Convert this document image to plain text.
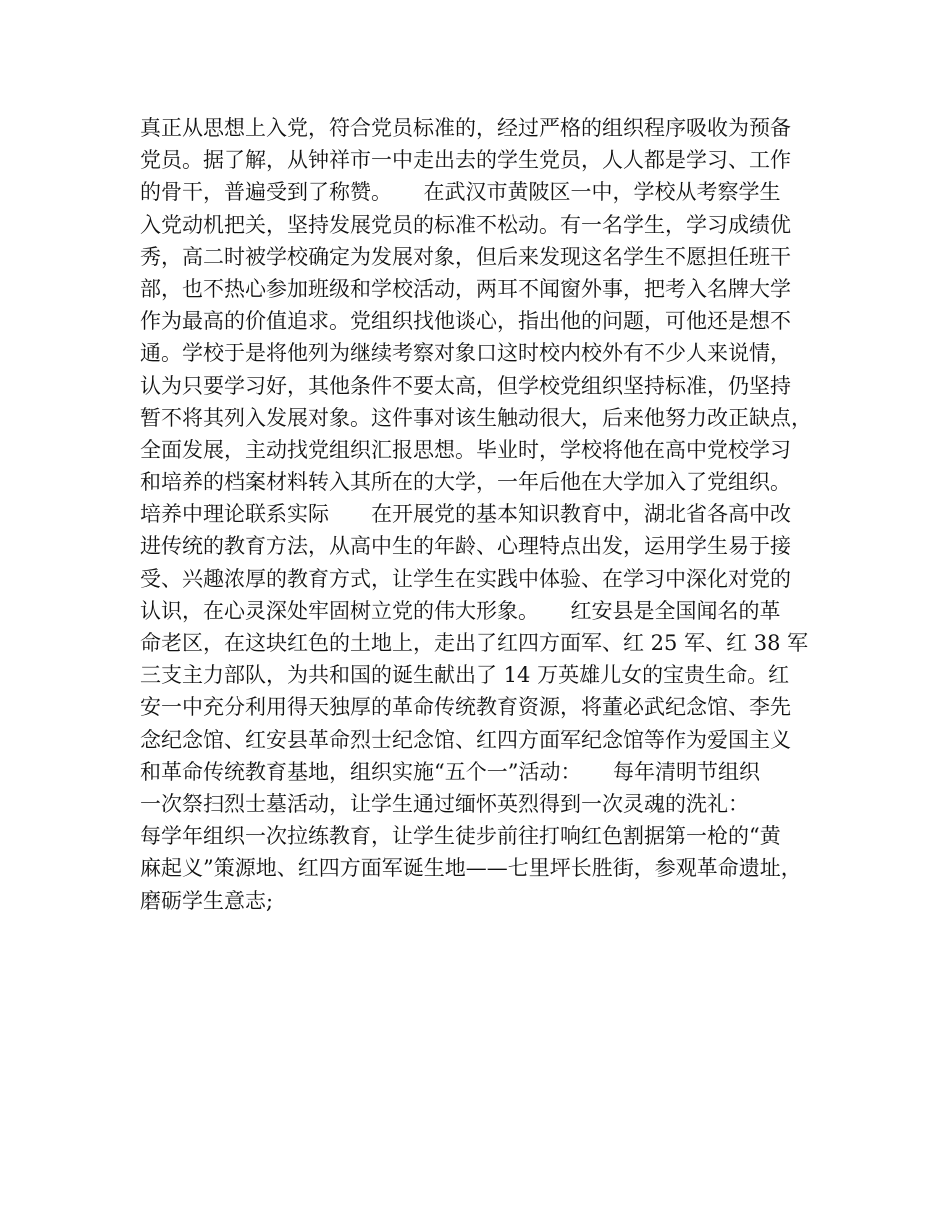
真正从思想上入党，符合党员标准的，经过严格的组织程序吸收为预备
党员。据了解，从钟祥市一中走出去的学生党员，人人都是学习、工作
的骨干，普遍受到了称赞。　　在武汉市黄陂区一中，学校从考察学生
入党动机把关，坚持发展党员的标准不松动。有一名学生，学习成绩优
秀，高二时被学校确定为发展对象，但后来发现这名学生不愿担任班干
部，也不热心参加班级和学校活动，两耳不闻窗外事，把考入名牌大学
作为最高的价值追求。党组织找他谈心，指出他的问题，可他还是想不
通。学校于是将他列为继续考察对象口这时校内校外有不少人来说情，
认为只要学习好，其他条件不要太高，但学校党组织坚持标准，仍坚持
暂不将其列入发展对象。这件事对该生触动很大，后来他努力改正缺点，
全面发展，主动找党组织汇报思想。毕业时，学校将他在高中党校学习
和培养的档案材料转入其所在的大学，一年后他在大学加入了党组织。
培养中理论联系实际　　在开展党的基本知识教育中，湖北省各高中改
进传统的教育方法，从高中生的年龄、心理特点出发，运用学生易于接
受、兴趣浓厚的教育方式，让学生在实践中体验、在学习中深化对党的
认识，在心灵深处牢固树立党的伟大形象。　　红安县是全国闻名的革
命老区，在这块红色的土地上，走出了红四方面军、红 25 军、红 38 军
三支主力部队，为共和国的诞生献出了 14 万英雄儿女的宝贵生命。红
安一中充分利用得天独厚的革命传统教育资源，将董必武纪念馆、李先
念纪念馆、红安县革命烈士纪念馆、红四方面军纪念馆等作为爱国主义
和革命传统教育基地，组织实施“五个一”活动：　　每年清明节组织
一次祭扫烈士墓活动，让学生通过缅怀英烈得到一次灵魂的洗礼：
每学年组织一次拉练教育，让学生徒步前往打响红色割据第一枪的“黄
麻起义”策源地、红四方面军诞生地——七里坪长胜街，参观革命遗址，
磨砺学生意志;
